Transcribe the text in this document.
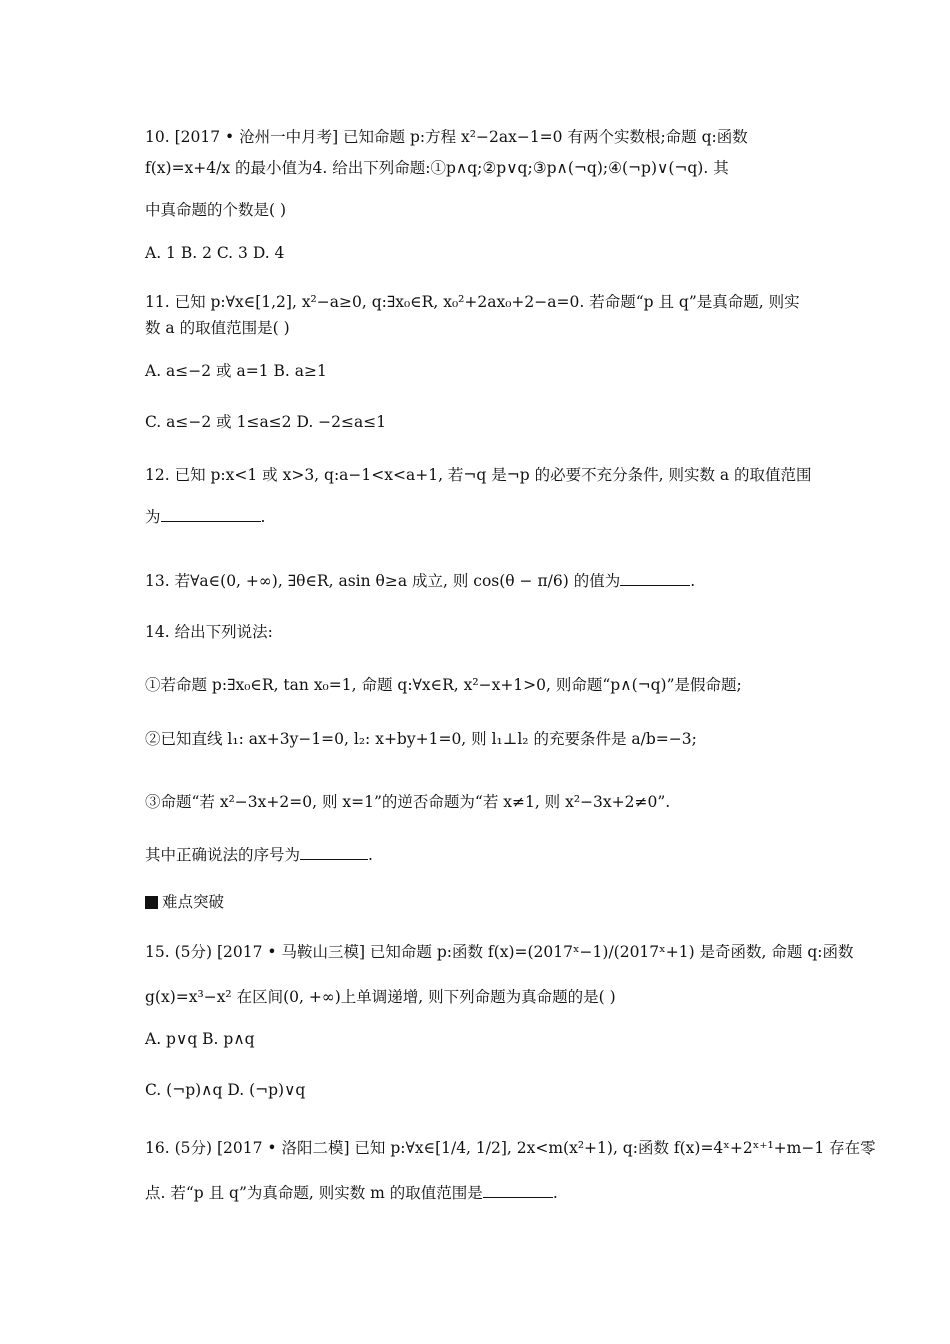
10. [2017 • 沧州一中月考] 已知命题 p:方程 x²−2ax−1=0 有两个实数根;命题 q:函数
f(x)=x+4/x 的最小值为4. 给出下列命题:①p∧q;②p∨q;③p∧(¬q);④(¬p)∨(¬q). 其
中真命题的个数是( )
A. 1 B. 2 C. 3 D. 4
11. 已知 p:∀x∈[1,2], x²−a≥0, q:∃x₀∈R, x₀²+2ax₀+2−a=0. 若命题“p 且 q”是真命题, 则实
数 a 的取值范围是( )
A. a≤−2 或 a=1 B. a≥1
C. a≤−2 或 1≤a≤2 D. −2≤a≤1
12. 已知 p:x<1 或 x>3, q:a−1<x<a+1, 若¬q 是¬p 的必要不充分条件, 则实数 a 的取值范围
为	.
13. 若∀a∈(0, +∞), ∃θ∈R, asin θ≥a 成立, 则 cos(θ − π/6) 的值为	.
14. 给出下列说法:
①若命题 p:∃x₀∈R, tan x₀=1, 命题 q:∀x∈R, x²−x+1>0, 则命题“p∧(¬q)”是假命题;
②已知直线 l₁: ax+3y−1=0, l₂: x+by+1=0, 则 l₁⊥l₂ 的充要条件是 a/b=−3;
③命题“若 x²−3x+2=0, 则 x=1”的逆否命题为“若 x≠1, 则 x²−3x+2≠0”.
其中正确说法的序号为	.
难点突破
15. (5分) [2017 • 马鞍山三模] 已知命题 p:函数 f(x)=(2017ˣ−1)/(2017ˣ+1) 是奇函数, 命题 q:函数
g(x)=x³−x² 在区间(0, +∞)上单调递增, 则下列命题为真命题的是( )
A. p∨q B. p∧q
C. (¬p)∧q D. (¬p)∨q
16. (5分) [2017 • 洛阳二模] 已知 p:∀x∈[1/4, 1/2], 2x<m(x²+1), q:函数 f(x)=4ˣ+2ˣ⁺¹+m−1 存在零
点. 若“p 且 q”为真命题, 则实数 m 的取值范围是	.
